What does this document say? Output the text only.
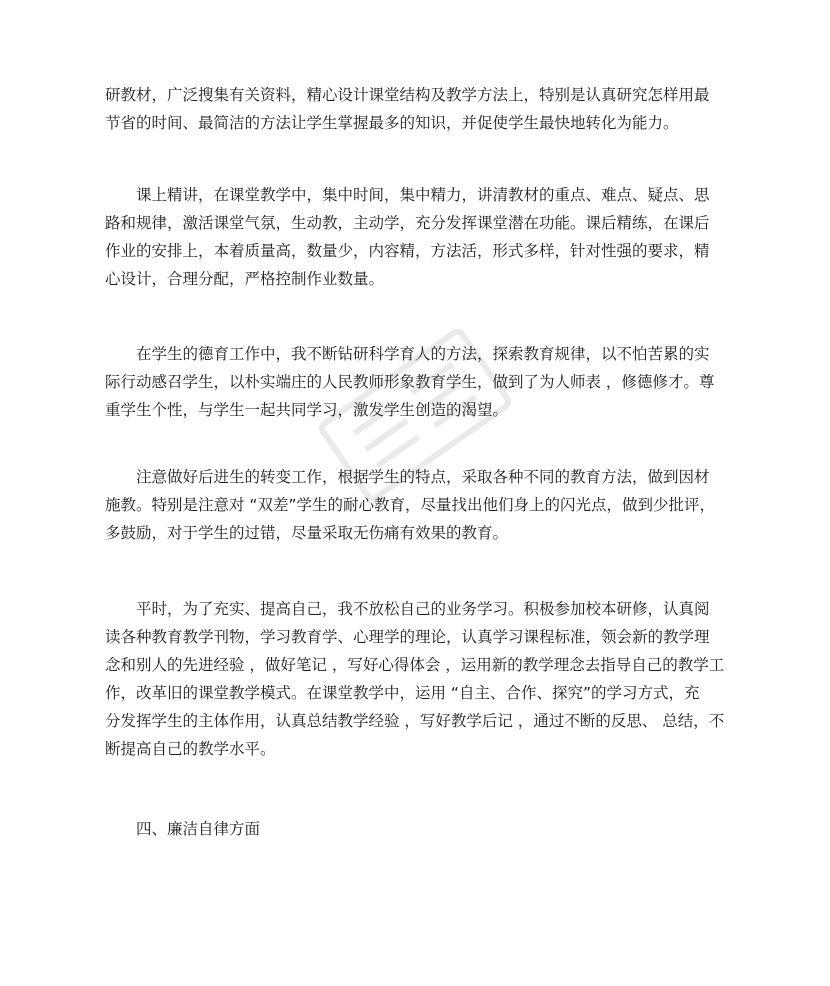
研教材，广泛搜集有关资料，精心设计课堂结构及教学方法上，特别是认真研究怎样用最
节省的时间、最简洁的方法让学生掌握最多的知识，并促使学生最快地转化为能力。

课上精讲，在课堂教学中，集中时间，集中精力，讲清教材的重点、难点、疑点、思
路和规律，激活课堂气氛，生动教，主动学，充分发挥课堂潜在功能。课后精练，在课后
作业的安排上，本着质量高，数量少，内容精，方法活，形式多样，针对性强的要求，精
心设计，合理分配，严格控制作业数量。

在学生的德育工作中，我不断钻研科学育人的方法，探索教育规律，以不怕苦累的实
际行动感召学生，以朴实端庄的人民教师形象教育学生，做到了为人师表 ，修德修才。尊
重学生个性，与学生一起共同学习，激发学生创造的渴望。

注意做好后进生的转变工作，根据学生的特点，采取各种不同的教育方法，做到因材
施教。特别是注意对 “双差”学生的耐心教育，尽量找出他们身上的闪光点，做到少批评，
多鼓励，对于学生的过错，尽量采取无伤痛有效果的教育。

平时，为了充实、提高自己，我不放松自己的业务学习。积极参加校本研修，认真阅
读各种教育教学刊物，学习教育学、心理学的理论，认真学习课程标准，领会新的教学理
念和别人的先进经验 ，做好笔记 ，写好心得体会 ，运用新的教学理念去指导自己的教学工
作，改革旧的课堂教学模式。在课堂教学中，运用 “自主、合作、探究”的学习方式，充
分发挥学生的主体作用，认真总结教学经验 ，写好教学后记 ，通过不断的反思、 总结，不
断提高自己的教学水平。

四、廉洁自律方面
